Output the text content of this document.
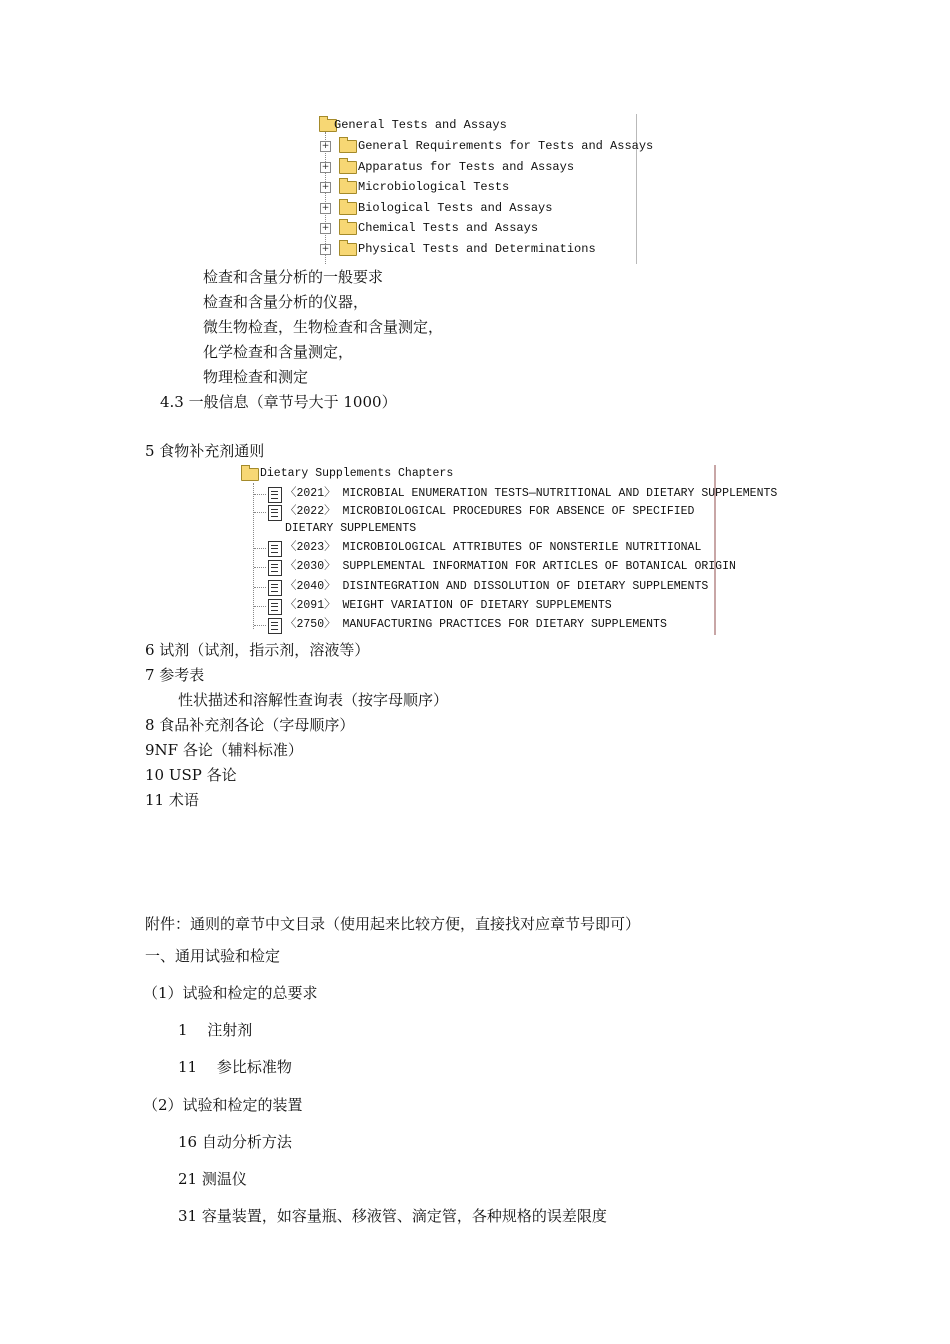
General Tests and Assays
+ General Requirements for Tests and Assays
+ Apparatus for Tests and Assays
+ Microbiological Tests
+ Biological Tests and Assays
+ Chemical Tests and Assays
+ Physical Tests and Determinations
检查和含量分析的一般要求
检查和含量分析的仪器，
微生物检查，生物检查和含量测定，
化学检查和含量测定，
物理检查和测定
4.3 一般信息（章节号大于 1000）
5 食物补充剂通则
Dietary Supplements Chapters
〈2021〉 MICROBIAL ENUMERATION TESTS—NUTRITIONAL AND DIETARY SUPPLEMENTS
〈2022〉 MICROBIOLOGICAL PROCEDURES FOR ABSENCE OF SPECIFIED
DIETARY SUPPLEMENTS
〈2023〉 MICROBIOLOGICAL ATTRIBUTES OF NONSTERILE NUTRITIONAL
〈2030〉 SUPPLEMENTAL INFORMATION FOR ARTICLES OF BOTANICAL ORIGIN
〈2040〉 DISINTEGRATION AND DISSOLUTION OF DIETARY SUPPLEMENTS
〈2091〉 WEIGHT VARIATION OF DIETARY SUPPLEMENTS
〈2750〉 MANUFACTURING PRACTICES FOR DIETARY SUPPLEMENTS
6 试剂（试剂，指示剂，溶液等）
7 参考表
性状描述和溶解性查询表（按字母顺序）
8 食品补充剂各论（字母顺序）
9NF 各论（辅料标准）
10 USP 各论
11 术语
附件：通则的章节中文目录（使用起来比较方便，直接找对应章节号即可）
一、通用试验和检定
（1）试验和检定的总要求
1　 注射剂
11 　参比标准物
（2）试验和检定的装置
16 自动分析方法
21 测温仪
31 容量装置，如容量瓶、移液管、滴定管，各种规格的误差限度
